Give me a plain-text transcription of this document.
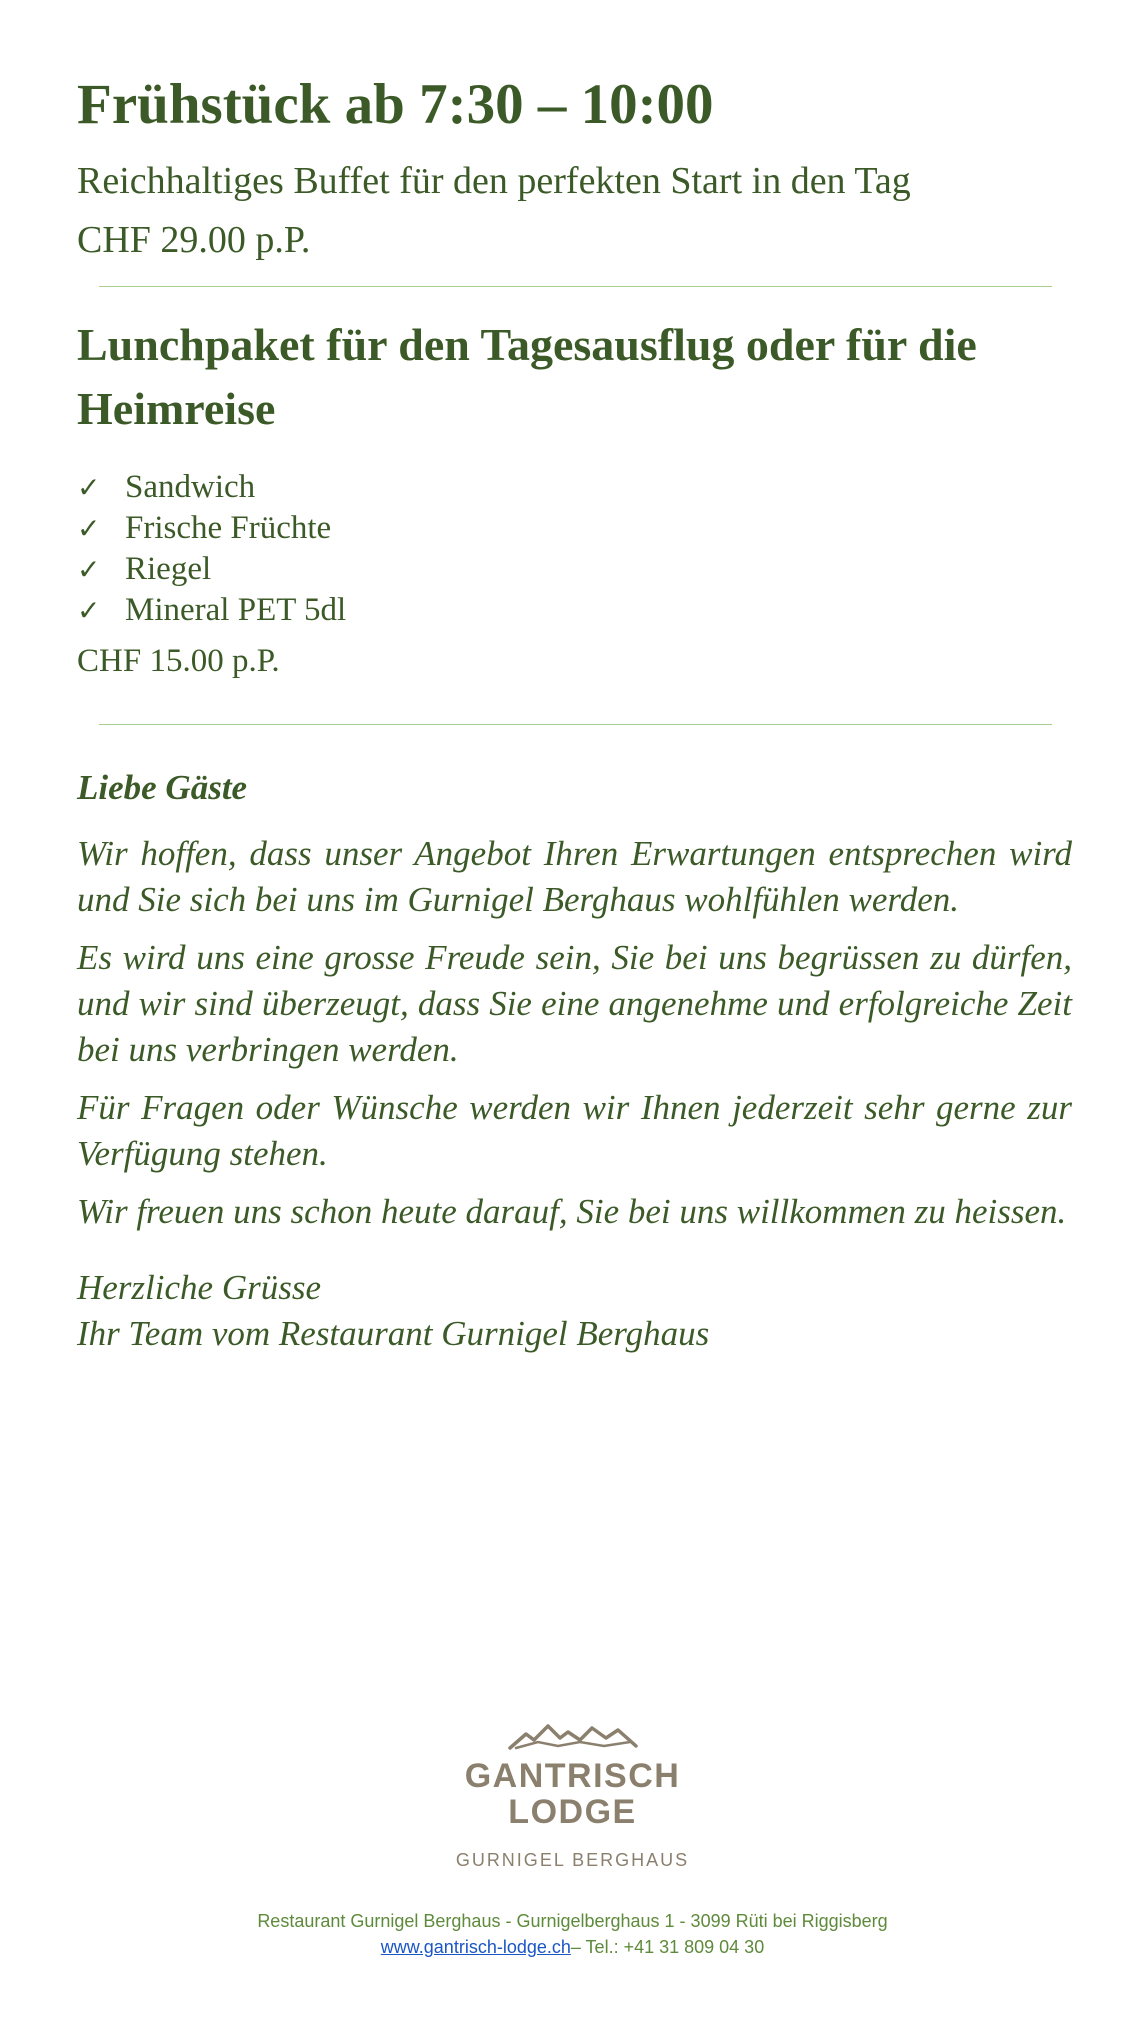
Frühstück ab 7:30 – 10:00
Reichhaltiges Buffet für den perfekten Start in den Tag
CHF 29.00 p.P.
Lunchpaket für den Tagesausflug oder für die Heimreise
✓ Sandwich
✓ Frische Früchte
✓ Riegel
✓ Mineral PET 5dl
CHF 15.00 p.P.

Liebe Gäste

Wir hoffen, dass unser Angebot Ihren Erwartungen entsprechen wird und Sie sich bei uns im Gurnigel Berghaus wohlfühlen werden.

Es wird uns eine grosse Freude sein, Sie bei uns begrüssen zu dürfen, und wir sind überzeugt, dass Sie eine angenehme und erfolgreiche Zeit bei uns verbringen werden.

Für Fragen oder Wünsche werden wir Ihnen jederzeit sehr gerne zur Verfügung stehen.

Wir freuen uns schon heute darauf, Sie bei uns willkommen zu heissen.

Herzliche Grüsse

Ihr Team vom Restaurant Gurnigel Berghaus

GANTRISCH
LODGE
GURNIGEL BERGHAUS
Restaurant Gurnigel Berghaus - Gurnigelberghaus 1 - 3099 Rüti bei Riggisberg
www.gantrisch-lodge.ch– Tel.: +41 31 809 04 30
